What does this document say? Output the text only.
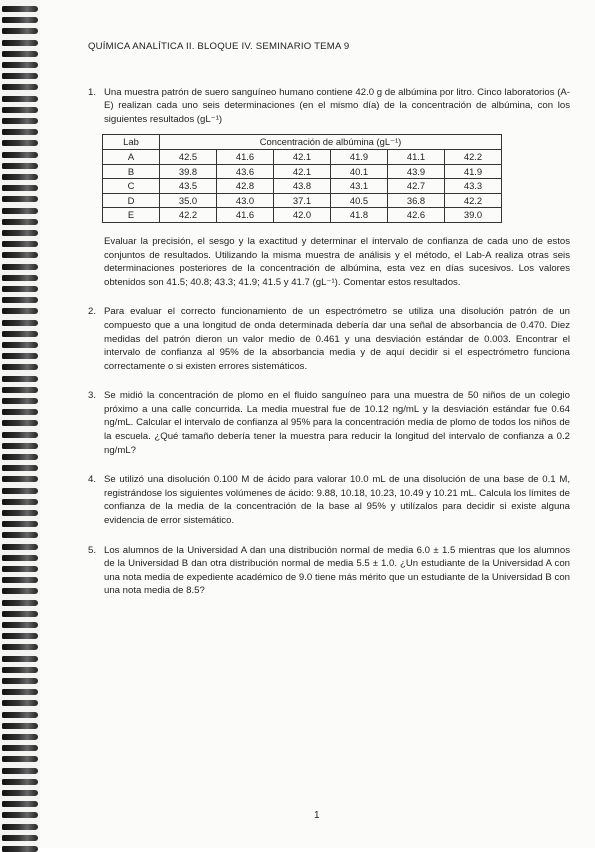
QUÍMICA ANALÍTICA II. BLOQUE IV. SEMINARIO TEMA 9
1. Una muestra patrón de suero sanguíneo humano contiene 42.0 g de albúmina por litro. Cinco laboratorios (A-E) realizan cada uno seis determinaciones (en el mismo día) de la concentración de albúmina, con los siguientes resultados (gL⁻¹)

Lab	Concentración de albúmina (gL⁻¹)					
A	42.5	41.6	42.1	41.9	41.1	42.2
B	39.8	43.6	42.1	40.1	43.9	41.9
C	43.5	42.8	43.8	43.1	42.7	43.3
D	35.0	43.0	37.1	40.5	36.8	42.2
E	42.2	41.6	42.0	41.8	42.6	39.0

Evaluar la precisión, el sesgo y la exactitud y determinar el intervalo de confianza de cada uno de estos conjuntos de resultados. Utilizando la misma muestra de análisis y el método, el Lab-A realiza otras seis determinaciones posteriores de la concentración de albúmina, esta vez en días sucesivos. Los valores obtenidos son 41.5; 40.8; 43.3; 41.9; 41.5 y 41.7 (gL⁻¹). Comentar estos resultados.

2. Para evaluar el correcto funcionamiento de un espectrómetro se utiliza una disolución patrón de un compuesto que a una longitud de onda determinada debería dar una señal de absorbancia de 0.470. Diez medidas del patrón dieron un valor medio de 0.461 y una desviación estándar de 0.003. Encontrar el intervalo de confianza al 95% de la absorbancia media y de aquí decidir si el espectrómetro funciona correctamente o si existen errores sistemáticos.

3. Se midió la concentración de plomo en el fluido sanguíneo para una muestra de 50 niños de un colegio próximo a una calle concurrida. La media muestral fue de 10.12 ng/mL y la desviación estándar fue 0.64 ng/mL. Calcular el intervalo de confianza al 95% para la concentración media de plomo de todos los niños de la escuela. ¿Qué tamaño debería tener la muestra para reducir la longitud del intervalo de confianza a 0.2 ng/mL?

4. Se utilizó una disolución 0.100 M de ácido para valorar 10.0 mL de una disolución de una base de 0.1 M, registrándose los siguientes volúmenes de ácido: 9.88, 10.18, 10.23, 10.49 y 10.21 mL. Calcula los límites de confianza de la media de la concentración de la base al 95% y utilízalos para decidir si existe alguna evidencia de error sistemático.

5. Los alumnos de la Universidad A dan una distribución normal de media 6.0 ± 1.5 mientras que los alumnos de la Universidad B dan otra distribución normal de media 5.5 ± 1.0. ¿Un estudiante de la Universidad A con una nota media de expediente académico de 9.0 tiene más mérito que un estudiante de la Universidad B con una nota media de 8.5?

1
